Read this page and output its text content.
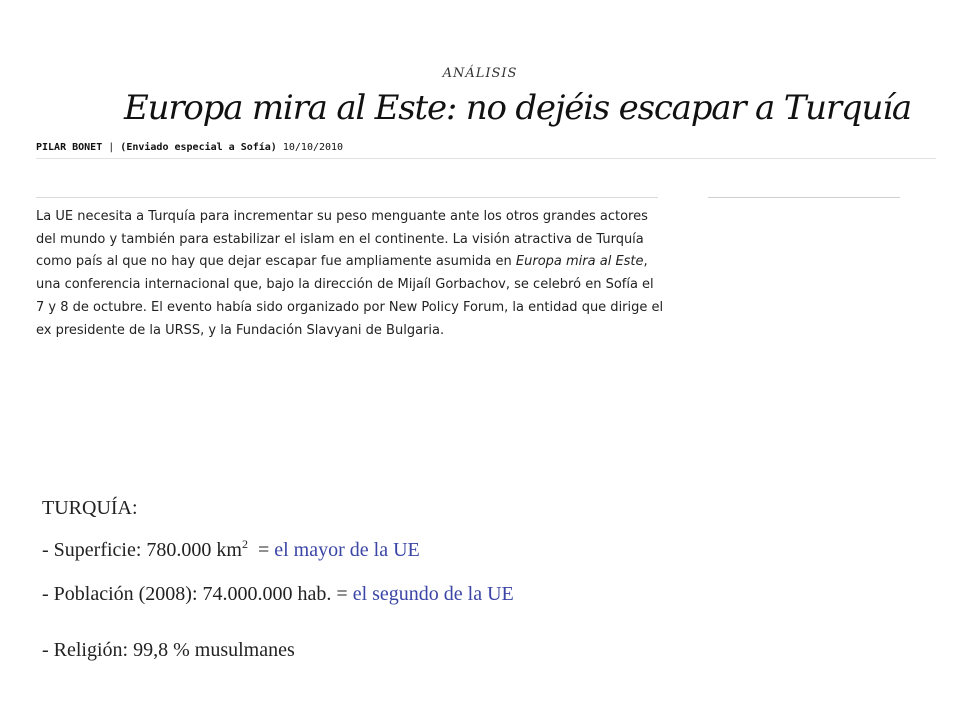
ANÁLISIS
Europa mira al Este: no dejéis escapar a Turquía
PILAR BONET | (Enviado especial a Sofía) 10/10/2010

La UE necesita a Turquía para incrementar su peso menguante ante los otros grandes actores del mundo y también para estabilizar el islam en el continente. La visión atractiva de Turquía como país al que no hay que dejar escapar fue ampliamente asumida en Europa mira al Este, una conferencia internacional que, bajo la dirección de Mijaíl Gorbachov, se celebró en Sofía el 7 y 8 de octubre. El evento había sido organizado por New Policy Forum, la entidad que dirige el ex presidente de la URSS, y la Fundación Slavyani de Bulgaria.

TURQUÍA:
- Superficie: 780.000 $km^2$  = el mayor de la UE
- Población (2008): 74.000.000 hab. = el segundo de la UE
- Religión: 99,8 % musulmanes
